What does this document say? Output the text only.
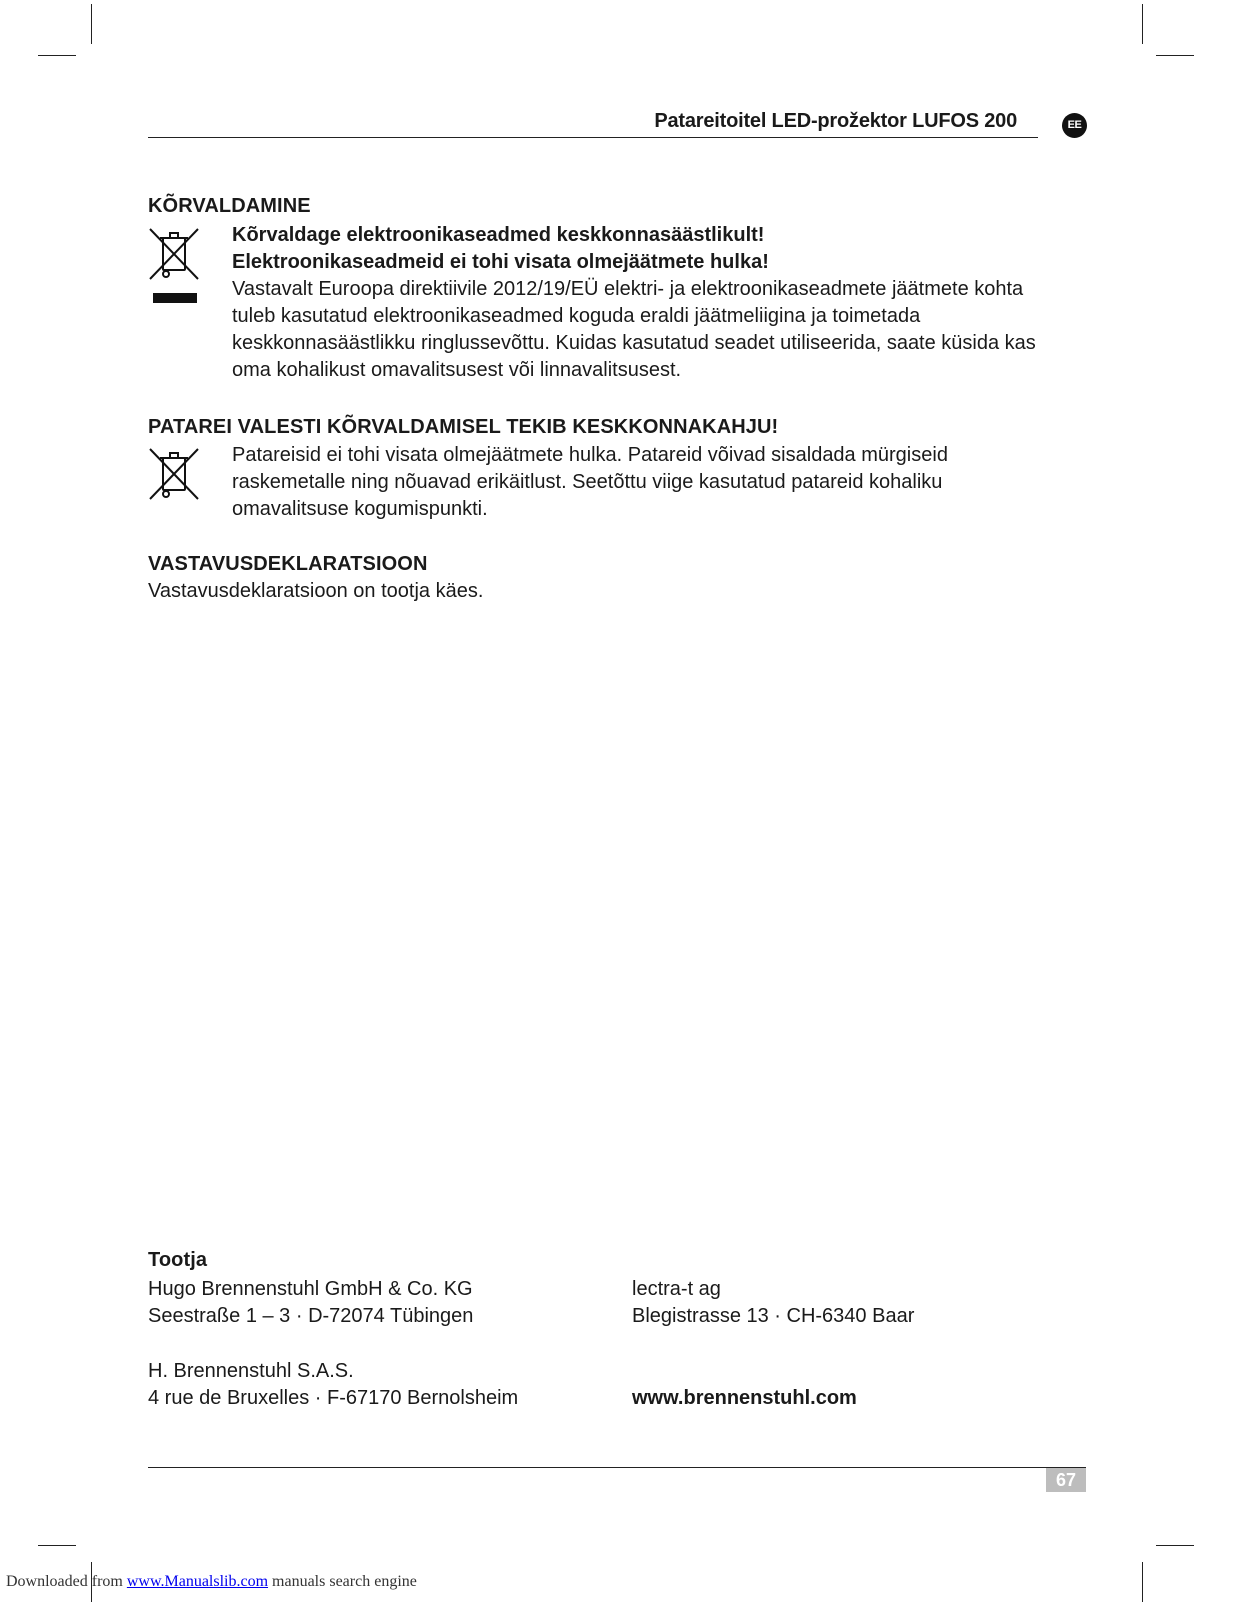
Patareitoitel LED-prožektor LUFOS 200	EE
KÕRVALDAMINE

Kõrvaldage elektroonikaseadmed keskkonnasäästlikult!

Elektroonikaseadmeid ei tohi visata olmejäätmete hulka!

Vastavalt Euroopa direktiivile 2012/19/EÜ elektri- ja elektroonikaseadmete jäätmete kohta tuleb kasutatud elektroonikaseadmed koguda eraldi jäätmeliigina ja toimetada keskkonnasäästlikku ringlussevõttu. Kuidas kasutatud seadet utiliseerida, saate küsida kas oma kohalikust omavalitsusest või linnavalitsusest.

PATAREI VALESTI KÕRVALDAMISEL TEKIB KESKKONNAKAHJU!

Patareisid ei tohi visata olmejäätmete hulka. Patareid võivad sisaldada mürgiseid raskemetalle ning nõuavad erikäitlust. Seetõttu viige kasutatud patareid kohaliku omavalitsuse kogumispunkti.

VASTAVUSDEKLARATSIOON
Vastavusdeklaratsioon on tootja käes.
Tootja
Hugo Brennenstuhl GmbH & Co. KG
Seestraße 1 – 3 · D-72074 Tübingen
lectra-t ag
Blegistrasse 13 · CH-6340 Baar
H. Brennenstuhl S.A.S.
4 rue de Bruxelles · F-67170 Bernolsheim	www.brennenstuhl.com
67
Downloaded from www.Manualslib.com manuals search engine
